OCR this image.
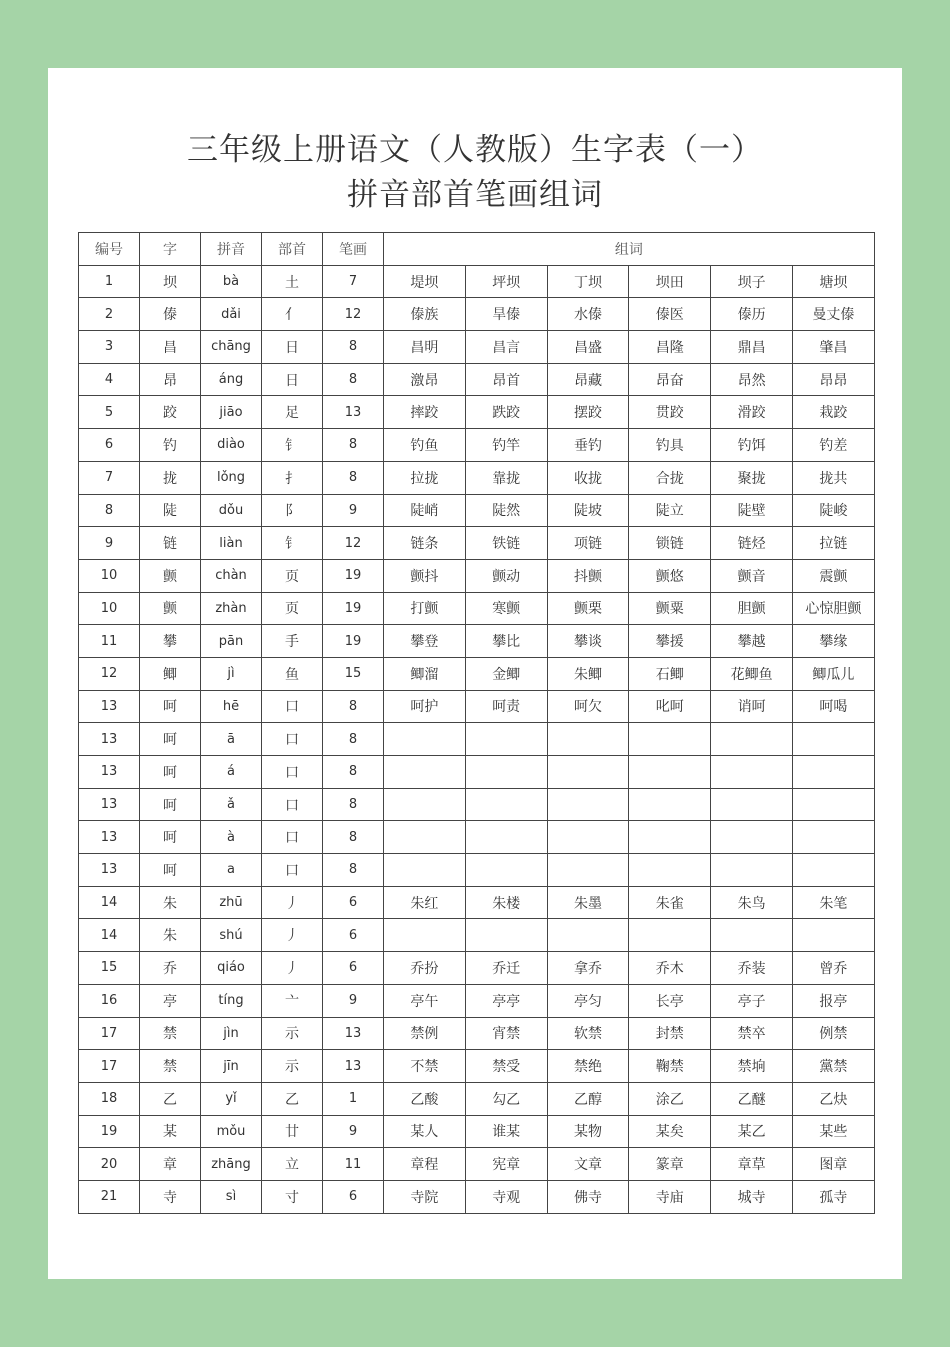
三年级上册语文（人教版）生字表（一）
拼音部首笔画组词
编号	字	拼音	部首	笔画	组词					
1	坝	bà	土	7	堤坝	坪坝	丁坝	坝田	坝子	塘坝
2	傣	dǎi	亻	12	傣族	旱傣	水傣	傣医	傣历	曼丈傣
3	昌	chāng	日	8	昌明	昌言	昌盛	昌隆	鼎昌	肇昌
4	昂	áng	日	8	激昂	昂首	昂藏	昂奋	昂然	昂昂
5	跤	jiāo	足	13	摔跤	跌跤	摆跤	贯跤	滑跤	栽跤
6	钓	diào	钅	8	钓鱼	钓竿	垂钓	钓具	钓饵	钓差
7	拢	lǒng	扌	8	拉拢	靠拢	收拢	合拢	聚拢	拢共
8	陡	dǒu	阝	9	陡峭	陡然	陡坡	陡立	陡壁	陡峻
9	链	liàn	钅	12	链条	铁链	项链	锁链	链烃	拉链
10	颤	chàn	页	19	颤抖	颤动	抖颤	颤悠	颤音	震颤
10	颤	zhàn	页	19	打颤	寒颤	颤栗	颤粟	胆颤	心惊胆颤
11	攀	pān	手	19	攀登	攀比	攀谈	攀援	攀越	攀缘
12	鲫	jì	鱼	15	鲫溜	金鲫	朱鲫	石鲫	花鲫鱼	鲫瓜儿
13	呵	hē	口	8	呵护	呵责	呵欠	叱呵	诮呵	呵喝
13	呵	ā	口	8						
13	呵	á	口	8						
13	呵	ǎ	口	8						
13	呵	à	口	8						
13	呵	a	口	8						
14	朱	zhū	丿	6	朱红	朱楼	朱墨	朱雀	朱鸟	朱笔
14	朱	shú	丿	6						
15	乔	qiáo	丿	6	乔扮	乔迁	拿乔	乔木	乔装	曾乔
16	亭	tíng	亠	9	亭午	亭亭	亭匀	长亭	亭子	报亭
17	禁	jìn	示	13	禁例	宵禁	软禁	封禁	禁卒	例禁
17	禁	jīn	示	13	不禁	禁受	禁绝	鞠禁	禁垧	黨禁
18	乙	yǐ	乙	1	乙酸	勾乙	乙醇	涂乙	乙醚	乙炔
19	某	mǒu	廿	9	某人	谁某	某物	某矣	某乙	某些
20	章	zhāng	立	11	章程	宪章	文章	篆章	章草	图章
21	寺	sì	寸	6	寺院	寺观	佛寺	寺庙	城寺	孤寺
